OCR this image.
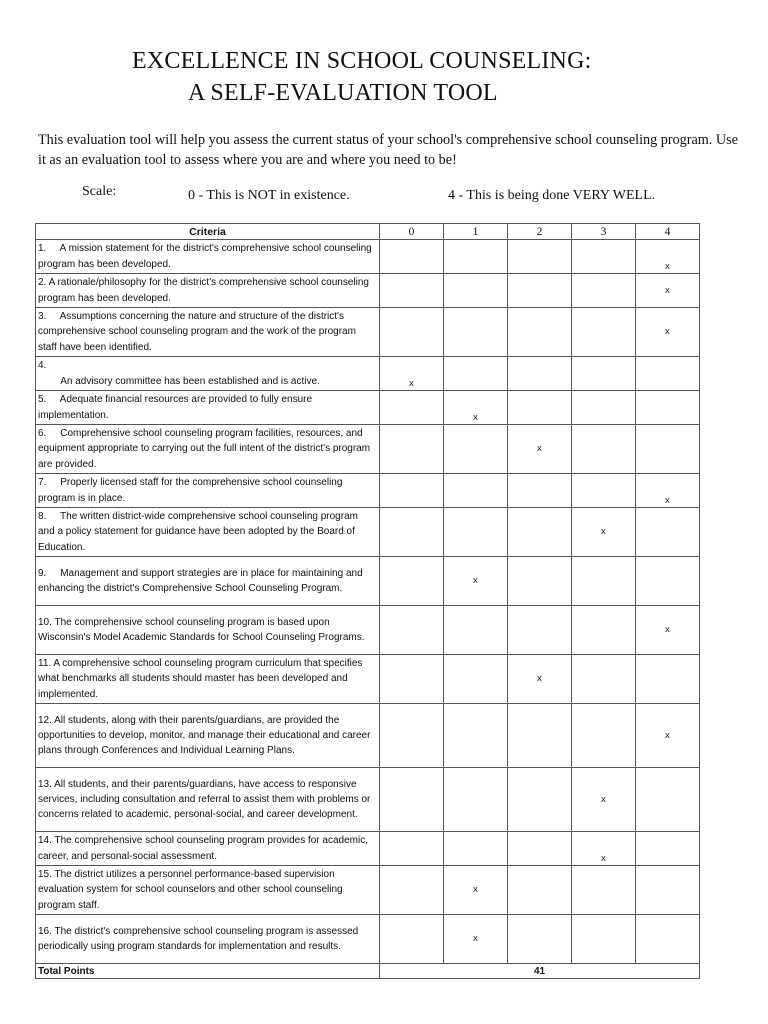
EXCELLENCE IN SCHOOL COUNSELING:
A SELF-EVALUATION TOOL
This evaluation tool will help you assess the current status of your school's comprehensive school counseling program. Use it as an evaluation tool to assess where you are and where you need to be!
Scale:	0 - This is NOT in existence.	4 - This is being done VERY WELL.
Criteria	0	1	2	3	4
1.     A mission statement for the district's comprehensive school counseling program has been developed.					x
2. A rationale/philosophy for the district's comprehensive school counseling program has been developed.					x
3.     Assumptions concerning the nature and structure of the district's comprehensive school counseling program and the work of the program staff have been identified.					x
4.
An advisory committee has been established and is active.	x				
5.     Adequate financial resources are provided to fully ensure implementation.		x			
6.     Comprehensive school counseling program facilities, resources, and equipment appropriate to carrying out the full intent of the district's program are provided.			x		
7.     Properly licensed staff for the comprehensive school counseling program is in place.					x
8.     The written district-wide comprehensive school counseling program and a policy statement for guidance have been adopted by the Board of Education.				x	
9.     Management and support strategies are in place for maintaining and enhancing the district's Comprehensive School Counseling Program.		x			
10. The comprehensive school counseling program is based upon Wisconsin's Model Academic Standards for School Counseling Programs.					x
11. A comprehensive school counseling program curriculum that specifies what benchmarks all students should master has been developed and implemented.			x		
12. All students, along with their parents/guardians, are provided the opportunities to develop, monitor, and manage their educational and career plans through Conferences and Individual Learning Plans.					x
13. All students, and their parents/guardians, have access to responsive services, including consultation and referral to assist them with problems or concerns related to academic, personal-social, and career development.				x	
14. The comprehensive school counseling program provides for academic, career, and personal-social assessment.				x	
15. The district utilizes a personnel performance-based supervision evaluation system for school counselors and other school counseling program staff.		x			
16. The district's comprehensive school counseling program is assessed periodically using program standards for implementation and results.		x			
Total Points	41				
